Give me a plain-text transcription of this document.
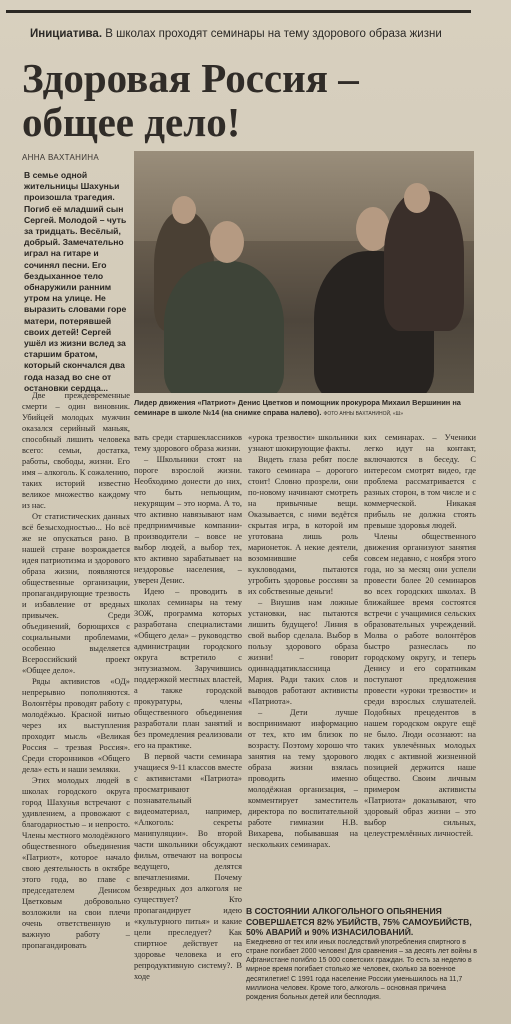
Инициатива. В школах проходят семинары на тему здорового образа жизни
Здоровая Россия –
общее дело!
АННА ВАХТАНИНА
В семье одной жительницы Шахуньи произошла трагедия. Погиб её младший сын Сергей. Молодой – чуть за тридцать. Весёлый, добрый. Замечательно играл на гитаре и сочинял песни. Его бездыханное тело обнаружили ранним утром на улице. Не выразить словами горе матери, потерявшей своих детей! Сергей ушёл из жизни вслед за старшим братом, который скончался два года назад во сне от остановки сердца...
Лидер движения «Патриот» Денис Цветков и помощник прокурора Михаил Вершинин на семинаре в школе №14 (на снимке справа налево). ФОТО АННЫ ВАХТАНИНОЙ, «Ш»

Две преждевременные смерти – один виновник. Убийцей молодых мужчин оказался серийный маньяк, способный лишить человека всего: семьи, достатка, работы, свободы, жизни. Его имя – алкоголь. К сожалению, таких историй известно великое множество каждому из нас.

От статистических данных всё безысходностью... Но всё же не опускаться рано. В нашей стране возрождается идея патриотизма и здорового образа жизни, появляются общественные организации, пропагандирующие трезвость и избавление от вредных привычек. Среди объединений, борющихся с социальными проблемами, особенно выделяется Всероссийский проект «Общее дело».

Ряды активистов «ОД» непрерывно пополняются. Волонтёры проводят работу с молодёжью. Красной нитью через их выступления проходит мысль «Великая Россия – трезвая Россия». Среди сторонников «Общего дела» есть и наши земляки.

Этих молодых людей в школах городского округа город Шахунья встречают с удивлением, а провожают с благодарностью – и непросто. Члены местного молодёжного общественного объединения «Патриот», которое начало свою деятельность в октябре этого года, во главе с председателем Денисом Цветковым добровольно возложили на свои плечи очень ответственную и важную работу – пропагандировать

вать среди старшеклассников тему здорового образа жизни.

– Школьники стоят на пороге взрослой жизни. Необходимо донести до них, что быть непьющим, некурящим – это норма. А то, что активно навязывают нам предприимчивые компании-производители – вовсе не выбор людей, а выбор тех, кто активно зарабатывает на нездоровье населения, – уверен Денис.

Идею – проводить в школах семинары на тему ЗОЖ, программа которых разработана специалистами «Общего дела» – руководство администрации городского округа встретило с энтузиазмом. Заручившись поддержкой местных властей, а также городской прокуратуры, члены общественного объединения разработали план занятий и без промедления реализовали его на практике.

В первой части семинара учащиеся 9-11 классов вместе с активистами «Патриота» просматривают познавательный видеоматериал, например, «Алкоголь: секреты манипуляции». Во второй части школьники обсуждают фильм, отвечают на вопросы ведущего, делятся впечатлениями. Почему безвредных доз алкоголя не существует? Кто пропагандирует идею «культурного питья» и какие цели преследует? Как спиртное действует на здоровье человека и его репродуктивную систему?. В ходе

«урока трезвости» школьники узнают шокирующие факты.

Видеть глаза ребят после такого семинара – дорогого стоит! Словно прозрели, они по-новому начинают смотреть на привычные вещи. Оказывается, с ними ведётся скрытая игра, в которой им уготована лишь роль марионеток. А некие деятели, возомнившие себя кукловодами, пытаются угробить здоровье россиян за их собственные деньги!

– Внушив нам ложные установки, нас пытаются лишить будущего! Линия в свой выбор сделала. Выбор в пользу здорового образа жизни! – говорит одиннадцатиклассница Мария. Ради таких слов и выводов работают активисты «Патриота».

– Дети лучше воспринимают информацию от тех, кто им близок по возрасту. Поэтому хорошо что занятия на тему здорового образа жизни взялась проводить именно молодёжная организация, – комментирует заместитель директора по воспитательной работе гимназии Н.В. Вихарева, побывавшая на нескольких семинарах.

ких семинарах. – Ученики легко идут на контакт, включаются в беседу. С интересом смотрят видео, где проблема рассматривается с разных сторон, в том числе и с коммерческой. Никакая прибыль не должна стоять превыше здоровья людей.

Члены общественного движения организуют занятия совсем недавно, с ноября этого года, но за месяц они успели провести более 20 семинаров во всех городских школах. В ближайшее время состоятся встречи с учащимися сельских образовательных учреждений. Молва о работе волонтёров быстро разнеслась по городскому округу, и теперь Денису и его соратникам поступают предложения провести «уроки трезвости» и среди взрослых слушателей. Подобных прецедентов в нашем городском округе ещё не было. Люди осознают: на таких увлечённых молодых людях с активной жизненной позицией держится наше общество. Своим личным примером активисты «Патриота» доказывают, что здоровый образ жизни – это выбор сильных, целеустремлённых личностей.

В СОСТОЯНИИ АЛКОГОЛЬНОГО ОПЬЯНЕНИЯ СОВЕРШАЕТСЯ 82% УБИЙСТВ, 75% САМОУБИЙСТВ, 50% АВАРИЙ и 90% ИЗНАСИЛОВАНИЙ.
Ежедневно от тех или иных последствий употребления спиртного в стране погибает 2000 человек! Для сравнения – за десять лет войны в Афганистане погибло 15 000 советских граждан. То есть за неделю в мирное время погибает столько же человек, сколько за военное десятилетие! С 1991 года население России уменьшилось на 11,7 миллиона человек. Кроме того, алкоголь – основная причина рождения больных детей или бесплодия.
